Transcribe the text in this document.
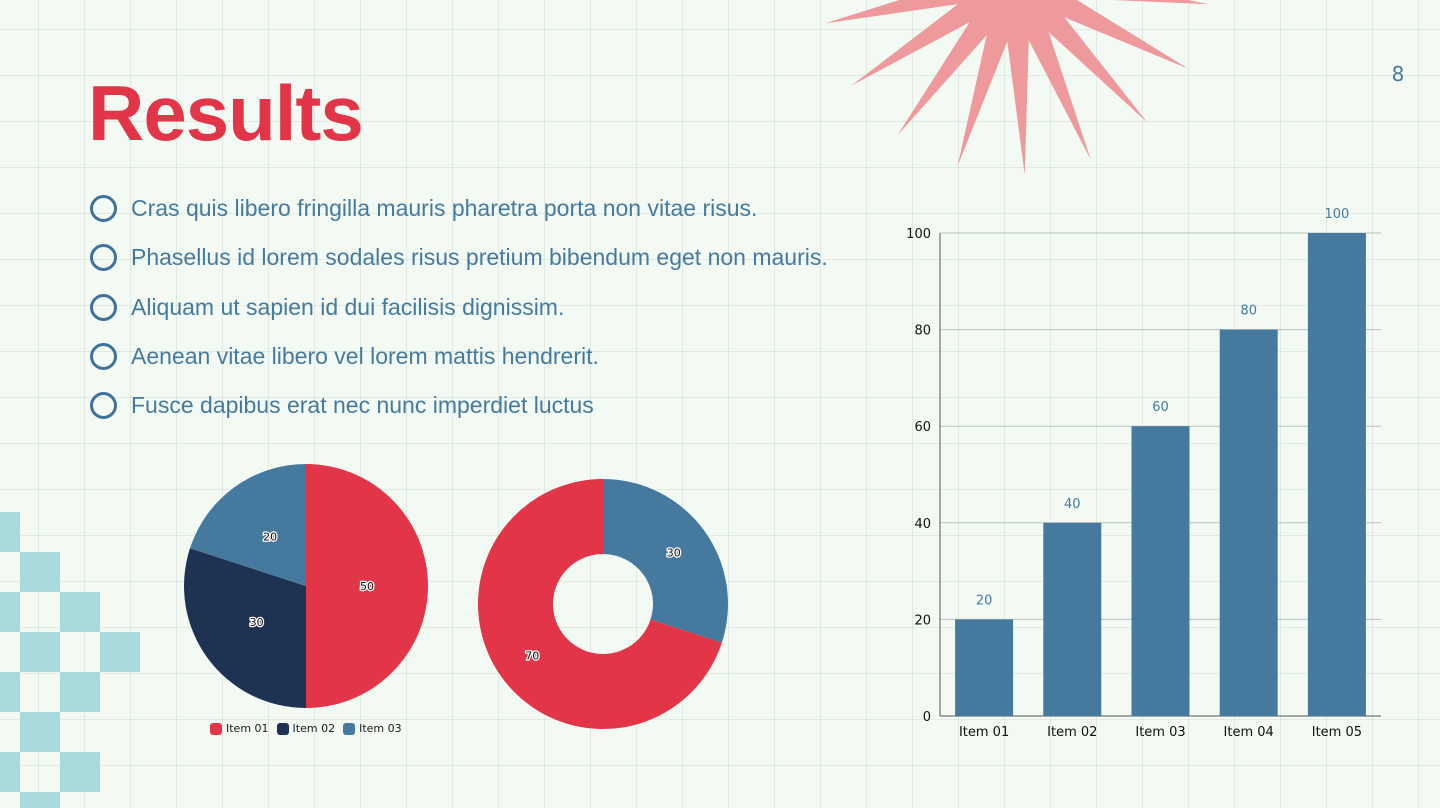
Results	8
Cras quis libero fringilla mauris pharetra porta non vitae risus.
Phasellus id lorem sodales risus pretium bibendum eget non mauris.
Aliquam ut sapien id dui facilisis dignissim.
Aenean vitae libero vel lorem mattis hendrerit.
Fusce dapibus erat nec nunc imperdiet luctus
50
30
20
70
30
0
20
40
60
80
100
20
Item 01
40
Item 02
60
Item 03
80
Item 04
100
Item 05
Item 01 Item 02 Item 03
